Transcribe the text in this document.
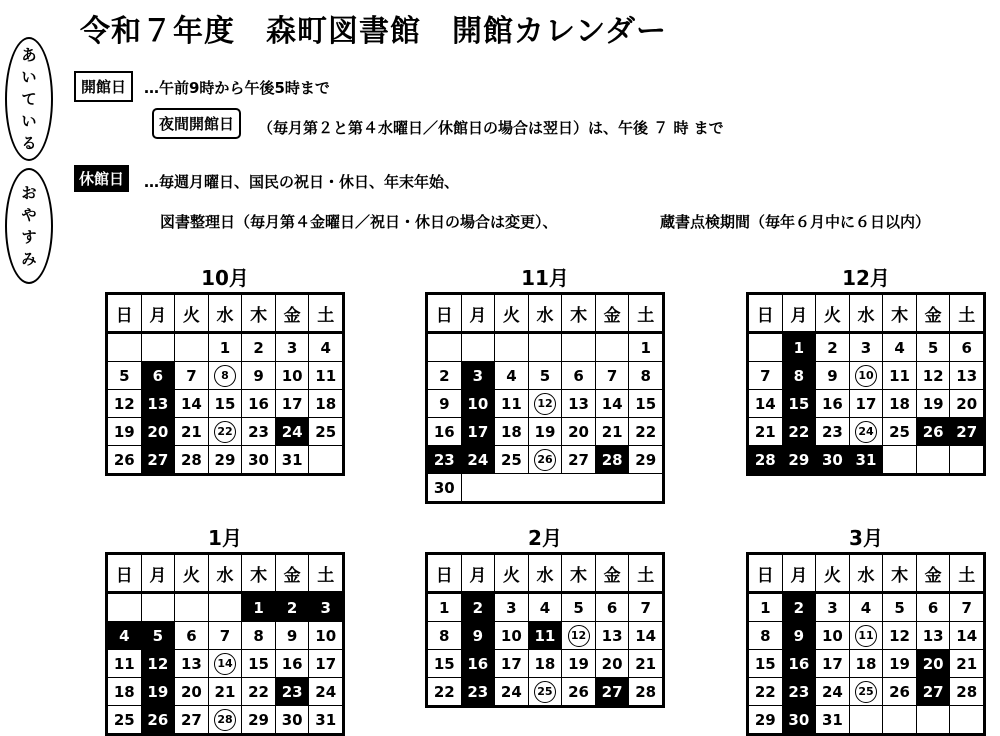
令和７年度　森町図書館　開館カレンダー
あ
い
て
い
る
お
や
す
み
開館日	…午前9時から午後5時まで
夜間開館日	（毎月第２と第４水曜日／休館日の場合は翌日）は、午後 ７ 時 まで
休館日	…毎週月曜日、国民の祝日・休日、年末年始、
図書整理日（毎月第４金曜日／祝日・休日の場合は変更）、	蔵書点検期間（毎年６月中に６日以内）
10月
日	月	火	水	木	金	土
			1	2	3	4
5	6	7	8	9	10	11
12	13	14	15	16	17	18
19	20	21	22	23	24	25
26	27	28	29	30	31	
11月
日	月	火	水	木	金	土
						1
2	3	4	5	6	7	8
9	10	11	12	13	14	15
16	17	18	19	20	21	22
23	24	25	26	27	28	29
30						
12月
日	月	火	水	木	金	土
	1	2	3	4	5	6
7	8	9	10	11	12	13
14	15	16	17	18	19	20
21	22	23	24	25	26	27
28	29	30	31			
1月
日	月	火	水	木	金	土
				1	2	3
4	5	6	7	8	9	10
11	12	13	14	15	16	17
18	19	20	21	22	23	24
25	26	27	28	29	30	31
2月
日	月	火	水	木	金	土
1	2	3	4	5	6	7
8	9	10	11	12	13	14
15	16	17	18	19	20	21
22	23	24	25	26	27	28
3月
日	月	火	水	木	金	土
1	2	3	4	5	6	7
8	9	10	11	12	13	14
15	16	17	18	19	20	21
22	23	24	25	26	27	28
29	30	31				
